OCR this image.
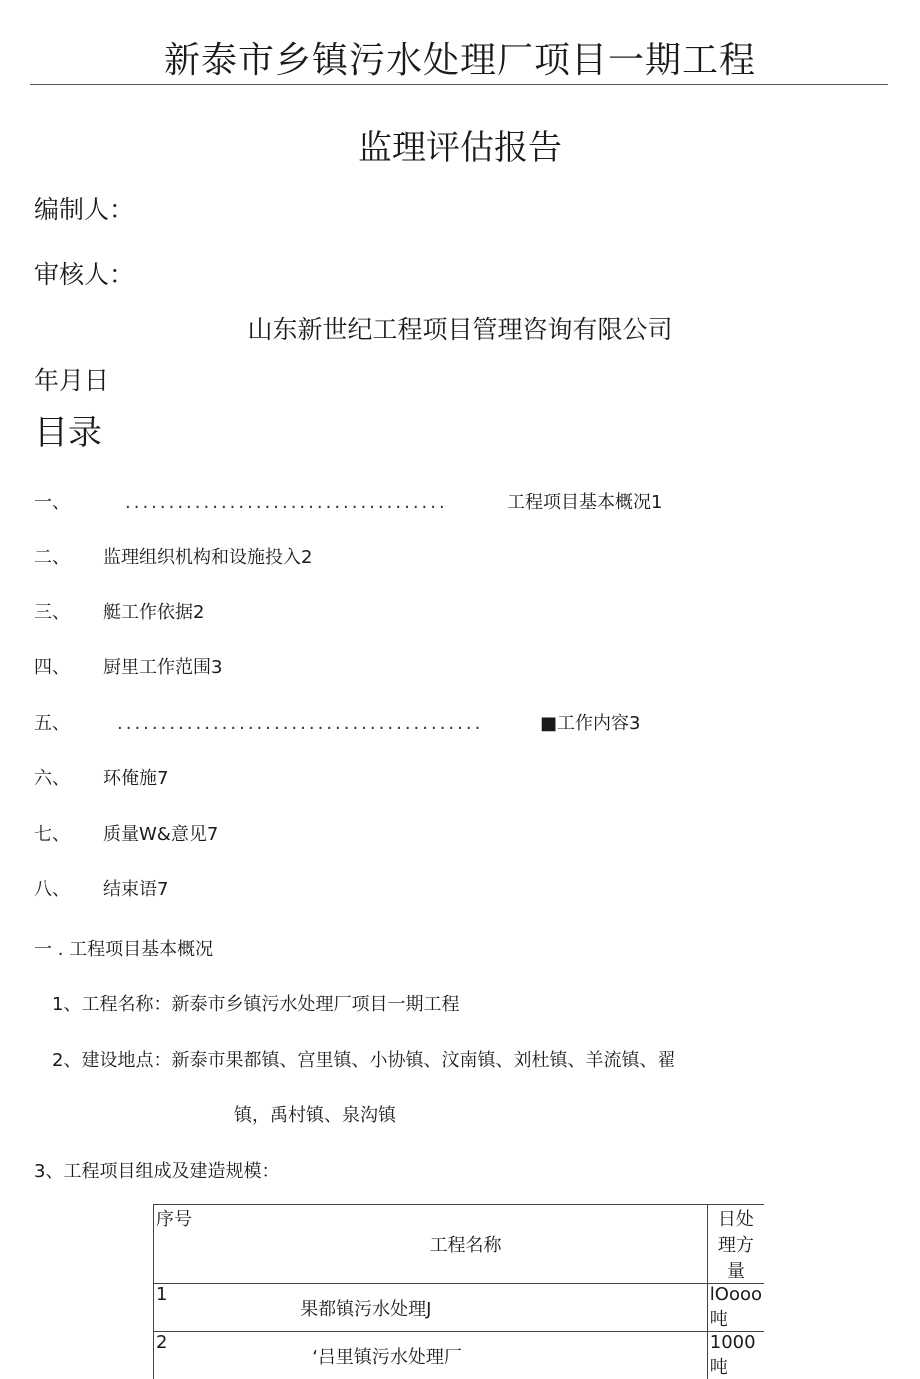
新泰市乡镇污水处理厂项目一期工程
监理评估报告
编制人：
审核人：
山东新世纪工程项目管理咨询有限公司
年月日
目录
一、	.....................................	工程项目基本概况1
二、 监理组织机构和设施投入2
三、 艇工作依据2
四、 厨里工作范围3
五、	..........................................	■工作内容3
六、 环俺施7
七、 质量W&意见7
八、 结束语7
一 . 工程项目基本概况
1、工程名称：新泰市乡镇污水处理厂项目一期工程
2、建设地点：新泰市果都镇、宫里镇、小协镇、汶南镇、刘杜镇、羊流镇、翟
镇，禹村镇、泉沟镇
3、工程项目组成及建造规模：
序号	工程名称	日处理方量
1	果都镇污水处理J	lOooo吨
2	‘吕里镇污水处理厂	1000 吨
